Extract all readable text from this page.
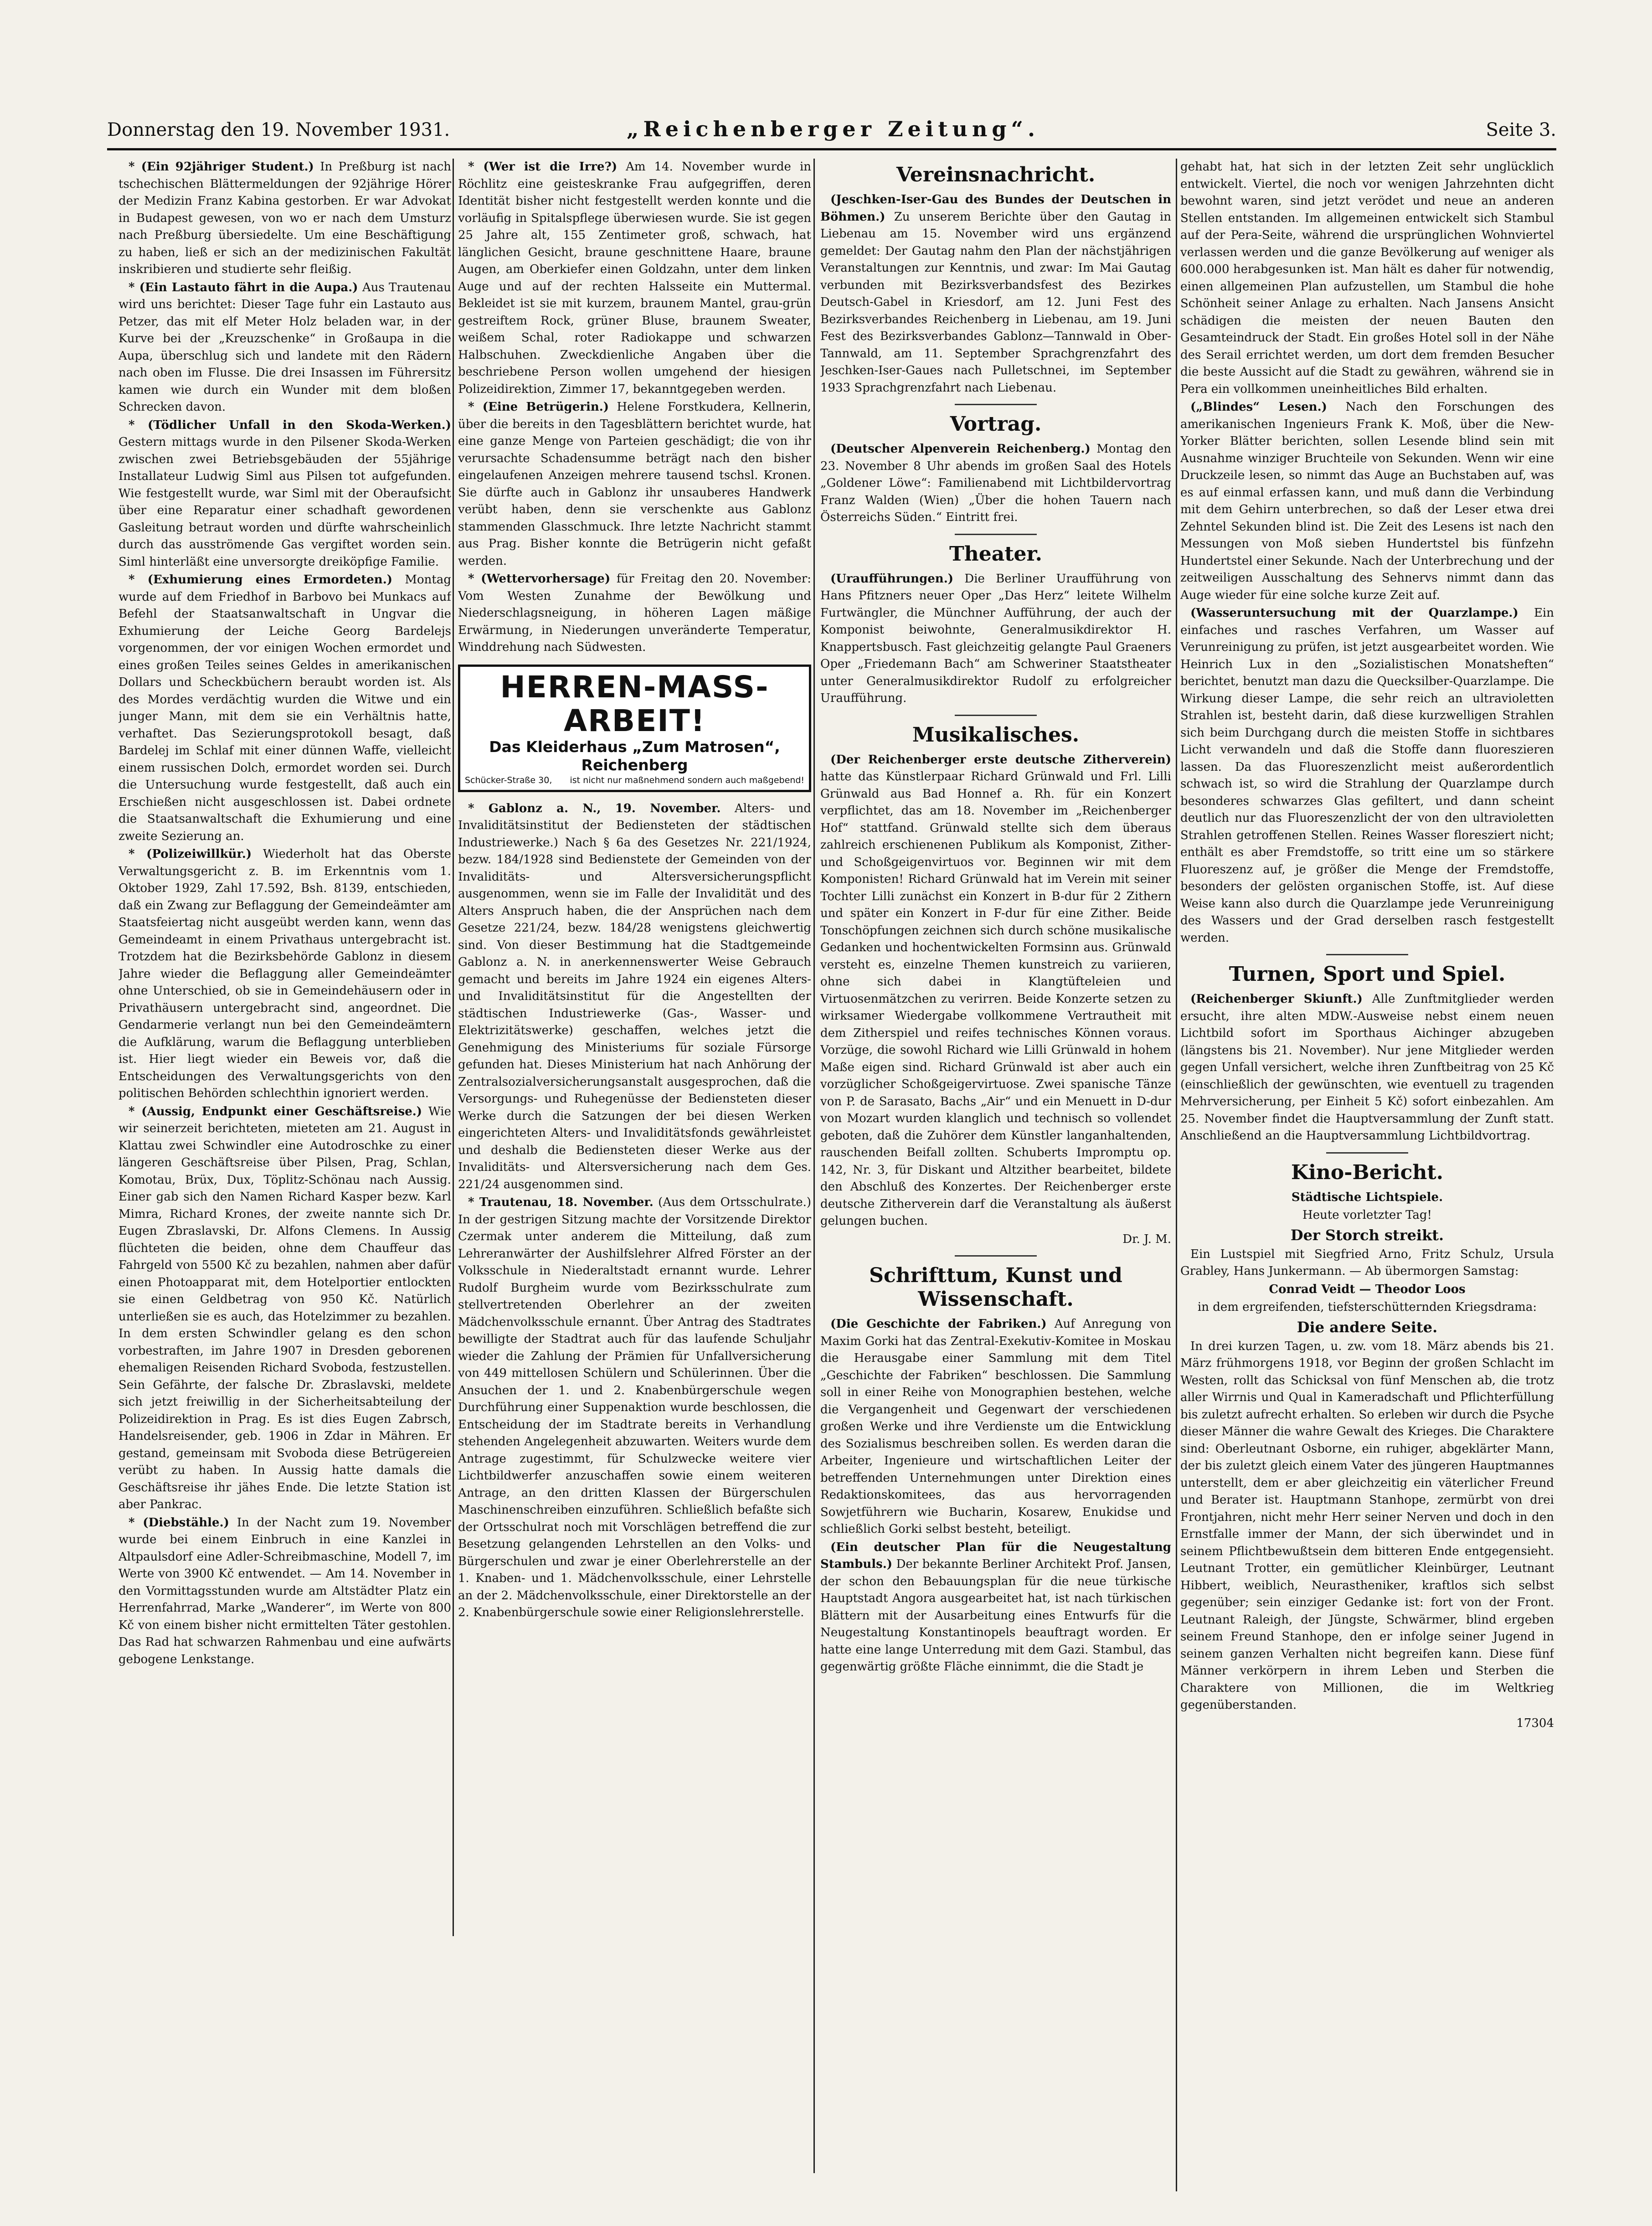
Donnerstag den 19. November 1931.	„Reichenberger Zeitung“.	Seite 3.

* (Ein 92jähriger Student.) In Preßburg ist nach tschechischen Blättermeldungen der 92jährige Hörer der Medizin Franz Kabina gestorben. Er war Advokat in Budapest gewesen, von wo er nach dem Umsturz nach Preßburg übersiedelte. Um eine Beschäftigung zu haben, ließ er sich an der medizinischen Fakultät inskribieren und studierte sehr fleißig.

* (Ein Lastauto fährt in die Aupa.) Aus Trautenau wird uns berichtet: Dieser Tage fuhr ein Lastauto aus Petzer, das mit elf Meter Holz beladen war, in der Kurve bei der „Kreuzschenke“ in Großaupa in die Aupa, überschlug sich und landete mit den Rädern nach oben im Flusse. Die drei Insassen im Führersitz kamen wie durch ein Wunder mit dem bloßen Schrecken davon.

* (Tödlicher Unfall in den Skoda-Werken.) Gestern mittags wurde in den Pilsener Skoda-Werken zwischen zwei Betriebsgebäuden der 55jährige Installateur Ludwig Siml aus Pilsen tot aufgefunden. Wie festgestellt wurde, war Siml mit der Oberaufsicht über eine Reparatur einer schadhaft gewordenen Gasleitung betraut worden und dürfte wahrscheinlich durch das ausströmende Gas vergiftet worden sein. Siml hinterläßt eine unversorgte dreiköpfige Familie.

* (Exhumierung eines Ermordeten.) Montag wurde auf dem Friedhof in Barbovo bei Munkacs auf Befehl der Staatsanwaltschaft in Ungvar die Exhumierung der Leiche Georg Bardelejs vorgenommen, der vor einigen Wochen ermordet und eines großen Teiles seines Geldes in amerikanischen Dollars und Scheckbüchern beraubt worden ist. Als des Mordes verdächtig wurden die Witwe und ein junger Mann, mit dem sie ein Verhältnis hatte, verhaftet. Das Sezierungsprotokoll besagt, daß Bardelej im Schlaf mit einer dünnen Waffe, vielleicht einem russischen Dolch, ermordet worden sei. Durch die Untersuchung wurde festgestellt, daß auch ein Erschießen nicht ausgeschlossen ist. Dabei ordnete die Staatsanwaltschaft die Exhumierung und eine zweite Sezierung an.

* (Polizeiwillkür.) Wiederholt hat das Oberste Verwaltungsgericht z. B. im Erkenntnis vom 1. Oktober 1929, Zahl 17.592, Bsh. 8139, entschieden, daß ein Zwang zur Beflaggung der Gemeindeämter am Staatsfeiertag nicht ausgeübt werden kann, wenn das Gemeindeamt in einem Privathaus untergebracht ist. Trotzdem hat die Bezirksbehörde Gablonz in diesem Jahre wieder die Beflaggung aller Gemeindeämter ohne Unterschied, ob sie in Gemeindehäusern oder in Privathäusern untergebracht sind, angeordnet. Die Gendarmerie verlangt nun bei den Gemeindeämtern die Aufklärung, warum die Beflaggung unterblieben ist. Hier liegt wieder ein Beweis vor, daß die Entscheidungen des Verwaltungsgerichts von den politischen Behörden schlechthin ignoriert werden.

* (Aussig, Endpunkt einer Geschäftsreise.) Wie wir seinerzeit berichteten, mieteten am 21. August in Klattau zwei Schwindler eine Autodroschke zu einer längeren Geschäftsreise über Pilsen, Prag, Schlan, Komotau, Brüx, Dux, Töplitz-Schönau nach Aussig. Einer gab sich den Namen Richard Kasper bezw. Karl Mimra, Richard Krones, der zweite nannte sich Dr. Eugen Zbraslavski, Dr. Alfons Clemens. In Aussig flüchteten die beiden, ohne dem Chauffeur das Fahrgeld von 5500 Kč zu bezahlen, nahmen aber dafür einen Photoapparat mit, dem Hotelportier entlockten sie einen Geldbetrag von 950 Kč. Natürlich unterließen sie es auch, das Hotelzimmer zu bezahlen. In dem ersten Schwindler gelang es den schon vorbestraften, im Jahre 1907 in Dresden geborenen ehemaligen Reisenden Richard Svoboda, festzustellen. Sein Gefährte, der falsche Dr. Zbraslavski, meldete sich jetzt freiwillig in der Sicherheitsabteilung der Polizeidirektion in Prag. Es ist dies Eugen Zabrsch, Handelsreisender, geb. 1906 in Zdar in Mähren. Er gestand, gemeinsam mit Svoboda diese Betrügereien verübt zu haben. In Aussig hatte damals die Geschäftsreise ihr jähes Ende. Die letzte Station ist aber Pankrac.

* (Diebstähle.) In der Nacht zum 19. November wurde bei einem Einbruch in eine Kanzlei in Altpaulsdorf eine Adler-Schreibmaschine, Modell 7, im Werte von 3900 Kč entwendet. — Am 14. November in den Vormittagsstunden wurde am Altstädter Platz ein Herrenfahrrad, Marke „Wanderer“, im Werte von 800 Kč von einem bisher nicht ermittelten Täter gestohlen. Das Rad hat schwarzen Rahmenbau und eine aufwärts gebogene Lenkstange.

* (Wer ist die Irre?) Am 14. November wurde in Röchlitz eine geisteskranke Frau aufgegriffen, deren Identität bisher nicht festgestellt werden konnte und die vorläufig in Spitalspflege überwiesen wurde. Sie ist gegen 25 Jahre alt, 155 Zentimeter groß, schwach, hat länglichen Gesicht, braune geschnittene Haare, braune Augen, am Oberkiefer einen Goldzahn, unter dem linken Auge und auf der rechten Halsseite ein Muttermal. Bekleidet ist sie mit kurzem, braunem Mantel, grau-grün gestreiftem Rock, grüner Bluse, braunem Sweater, weißem Schal, roter Radiokappe und schwarzen Halbschuhen. Zweckdienliche Angaben über die beschriebene Person wollen umgehend der hiesigen Polizeidirektion, Zimmer 17, bekanntgegeben werden.

* (Eine Betrügerin.) Helene Forstkudera, Kellnerin, über die bereits in den Tagesblättern berichtet wurde, hat eine ganze Menge von Parteien geschädigt; die von ihr verursachte Schadensumme beträgt nach den bisher eingelaufenen Anzeigen mehrere tausend tschsl. Kronen. Sie dürfte auch in Gablonz ihr unsauberes Handwerk verübt haben, denn sie verschenkte aus Gablonz stammenden Glasschmuck. Ihre letzte Nachricht stammt aus Prag. Bisher konnte die Betrügerin nicht gefaßt werden.

* (Wettervorhersage) für Freitag den 20. November: Vom Westen Zunahme der Bewölkung und Niederschlagsneigung, in höheren Lagen mäßige Erwärmung, in Niederungen unveränderte Temperatur, Winddrehung nach Südwesten.

HERREN-MASS-ARBEIT!
Das Kleiderhaus „Zum Matrosen“, Reichenberg
Schücker-Straße 30, ist nicht nur maßnehmend sondern auch maßgebend!

* Gablonz a. N., 19. November. Alters- und Invaliditätsinstitut der Bediensteten der städtischen Industriewerke.) Nach § 6a des Gesetzes Nr. 221/1924, bezw. 184/1928 sind Bedienstete der Gemeinden von der Invaliditäts- und Altersversicherungspflicht ausgenommen, wenn sie im Falle der Invalidität und des Alters Anspruch haben, die der Ansprüchen nach dem Gesetze 221/24, bezw. 184/28 wenigstens gleichwertig sind. Von dieser Bestimmung hat die Stadtgemeinde Gablonz a. N. in anerkennenswerter Weise Gebrauch gemacht und bereits im Jahre 1924 ein eigenes Alters- und Invaliditätsinstitut für die Angestellten der städtischen Industriewerke (Gas-, Wasser- und Elektrizitätswerke) geschaffen, welches jetzt die Genehmigung des Ministeriums für soziale Fürsorge gefunden hat. Dieses Ministerium hat nach Anhörung der Zentralsozialversicherungsanstalt ausgesprochen, daß die Versorgungs- und Ruhegenüsse der Bediensteten dieser Werke durch die Satzungen der bei diesen Werken eingerichteten Alters- und Invaliditätsfonds gewährleistet und deshalb die Bediensteten dieser Werke aus der Invaliditäts- und Altersversicherung nach dem Ges. 221/24 ausgenommen sind.

* Trautenau, 18. November. (Aus dem Ortsschulrate.) In der gestrigen Sitzung machte der Vorsitzende Direktor Czermak unter anderem die Mitteilung, daß zum Lehreranwärter der Aushilfslehrer Alfred Förster an der Volksschule in Niederaltstadt ernannt wurde. Lehrer Rudolf Burgheim wurde vom Bezirksschulrate zum stellvertretenden Oberlehrer an der zweiten Mädchenvolksschule ernannt. Über Antrag des Stadtrates bewilligte der Stadtrat auch für das laufende Schuljahr wieder die Zahlung der Prämien für Unfallversicherung von 449 mittellosen Schülern und Schülerinnen. Über die Ansuchen der 1. und 2. Knabenbürgerschule wegen Durchführung einer Suppenaktion wurde beschlossen, die Entscheidung der im Stadtrate bereits in Verhandlung stehenden Angelegenheit abzuwarten. Weiters wurde dem Antrage zugestimmt, für Schulzwecke weitere vier Lichtbildwerfer anzuschaffen sowie einem weiteren Antrage, an den dritten Klassen der Bürgerschulen Maschinenschreiben einzuführen. Schließlich befaßte sich der Ortsschulrat noch mit Vorschlägen betreffend die zur Besetzung gelangenden Lehrstellen an den Volks- und Bürgerschulen und zwar je einer Oberlehrerstelle an der 1. Knaben- und 1. Mädchenvolksschule, einer Lehrstelle an der 2. Mädchenvolksschule, einer Direktorstelle an der 2. Knabenbürgerschule sowie einer Religionslehrerstelle.

Vereinsnachricht.

(Jeschken-Iser-Gau des Bundes der Deutschen in Böhmen.) Zu unserem Berichte über den Gautag in Liebenau am 15. November wird uns ergänzend gemeldet: Der Gautag nahm den Plan der nächstjährigen Veranstaltungen zur Kenntnis, und zwar: Im Mai Gautag verbunden mit Bezirksverbandsfest des Bezirkes Deutsch-Gabel in Kriesdorf, am 12. Juni Fest des Bezirksverbandes Reichenberg in Liebenau, am 19. Juni Fest des Bezirksverbandes Gablonz—Tannwald in Ober-Tannwald, am 11. September Sprachgrenzfahrt des Jeschken-Iser-Gaues nach Pulletschnei, im September 1933 Sprachgrenzfahrt nach Liebenau.

Vortrag.

(Deutscher Alpenverein Reichenberg.) Montag den 23. November 8 Uhr abends im großen Saal des Hotels „Goldener Löwe“: Familienabend mit Lichtbildervortrag Franz Walden (Wien) „Über die hohen Tauern nach Österreichs Süden.“ Eintritt frei.

Theater.

(Uraufführungen.) Die Berliner Uraufführung von Hans Pfitzners neuer Oper „Das Herz“ leitete Wilhelm Furtwängler, die Münchner Aufführung, der auch der Komponist beiwohnte, Generalmusikdirektor H. Knappertsbusch. Fast gleichzeitig gelangte Paul Graeners Oper „Friedemann Bach“ am Schweriner Staatstheater unter Generalmusikdirektor Rudolf zu erfolgreicher Uraufführung.

Musikalisches.

(Der Reichenberger erste deutsche Zitherverein) hatte das Künstlerpaar Richard Grünwald und Frl. Lilli Grünwald aus Bad Honnef a. Rh. für ein Konzert verpflichtet, das am 18. November im „Reichenberger Hof“ stattfand. Grünwald stellte sich dem überaus zahlreich erschienenen Publikum als Komponist, Zither- und Schoßgeigenvirtuos vor. Beginnen wir mit dem Komponisten! Richard Grünwald hat im Verein mit seiner Tochter Lilli zunächst ein Konzert in B-dur für 2 Zithern und später ein Konzert in F-dur für eine Zither. Beide Tonschöpfungen zeichnen sich durch schöne musikalische Gedanken und hochentwickelten Formsinn aus. Grünwald versteht es, einzelne Themen kunstreich zu variieren, ohne sich dabei in Klangtüfteleien und Virtuosenmätzchen zu verirren. Beide Konzerte setzen zu wirksamer Wiedergabe vollkommene Vertrautheit mit dem Zitherspiel und reifes technisches Können voraus. Vorzüge, die sowohl Richard wie Lilli Grünwald in hohem Maße eigen sind. Richard Grünwald ist aber auch ein vorzüglicher Schoßgeigervirtuose. Zwei spanische Tänze von P. de Sarasato, Bachs „Air“ und ein Menuett in D-dur von Mozart wurden klanglich und technisch so vollendet geboten, daß die Zuhörer dem Künstler langanhaltenden, rauschenden Beifall zollten. Schuberts Impromptu op. 142, Nr. 3, für Diskant und Altzither bearbeitet, bildete den Abschluß des Konzertes. Der Reichenberger erste deutsche Zitherverein darf die Veranstaltung als äußerst gelungen buchen.

Dr. J. M.

Schrifttum, Kunst und Wissenschaft.

(Die Geschichte der Fabriken.) Auf Anregung von Maxim Gorki hat das Zentral-Exekutiv-Komitee in Moskau die Herausgabe einer Sammlung mit dem Titel „Geschichte der Fabriken“ beschlossen. Die Sammlung soll in einer Reihe von Monographien bestehen, welche die Vergangenheit und Gegenwart der verschiedenen großen Werke und ihre Verdienste um die Entwicklung des Sozialismus beschreiben sollen. Es werden daran die Arbeiter, Ingenieure und wirtschaftlichen Leiter der betreffenden Unternehmungen unter Direktion eines Redaktionskomitees, das aus hervorragenden Sowjetführern wie Bucharin, Kosarew, Enukidse und schließlich Gorki selbst besteht, beteiligt.

(Ein deutscher Plan für die Neugestaltung Stambuls.) Der bekannte Berliner Architekt Prof. Jansen, der schon den Bebauungsplan für die neue türkische Hauptstadt Angora ausgearbeitet hat, ist nach türkischen Blättern mit der Ausarbeitung eines Entwurfs für die Neugestaltung Konstantinopels beauftragt worden. Er hatte eine lange Unterredung mit dem Gazi. Stambul, das gegenwärtig größte Fläche einnimmt, die die Stadt je

gehabt hat, hat sich in der letzten Zeit sehr unglücklich entwickelt. Viertel, die noch vor wenigen Jahrzehnten dicht bewohnt waren, sind jetzt verödet und neue an anderen Stellen entstanden. Im allgemeinen entwickelt sich Stambul auf der Pera-Seite, während die ursprünglichen Wohnviertel verlassen werden und die ganze Bevölkerung auf weniger als 600.000 herabgesunken ist. Man hält es daher für notwendig, einen allgemeinen Plan aufzustellen, um Stambul die hohe Schönheit seiner Anlage zu erhalten. Nach Jansens Ansicht schädigen die meisten der neuen Bauten den Gesamteindruck der Stadt. Ein großes Hotel soll in der Nähe des Serail errichtet werden, um dort dem fremden Besucher die beste Aussicht auf die Stadt zu gewähren, während sie in Pera ein vollkommen uneinheitliches Bild erhalten.

(„Blindes“ Lesen.) Nach den Forschungen des amerikanischen Ingenieurs Frank K. Moß, über die New-Yorker Blätter berichten, sollen Lesende blind sein mit Ausnahme winziger Bruchteile von Sekunden. Wenn wir eine Druckzeile lesen, so nimmt das Auge an Buchstaben auf, was es auf einmal erfassen kann, und muß dann die Verbindung mit dem Gehirn unterbrechen, so daß der Leser etwa drei Zehntel Sekunden blind ist. Die Zeit des Lesens ist nach den Messungen von Moß sieben Hundertstel bis fünfzehn Hundertstel einer Sekunde. Nach der Unterbrechung und der zeitweiligen Ausschaltung des Sehnervs nimmt dann das Auge wieder für eine solche kurze Zeit auf.

(Wasseruntersuchung mit der Quarzlampe.) Ein einfaches und rasches Verfahren, um Wasser auf Verunreinigung zu prüfen, ist jetzt ausgearbeitet worden. Wie Heinrich Lux in den „Sozialistischen Monatsheften“ berichtet, benutzt man dazu die Quecksilber-Quarzlampe. Die Wirkung dieser Lampe, die sehr reich an ultravioletten Strahlen ist, besteht darin, daß diese kurzwelligen Strahlen sich beim Durchgang durch die meisten Stoffe in sichtbares Licht verwandeln und daß die Stoffe dann fluoreszieren lassen. Da das Fluoreszenzlicht meist außerordentlich schwach ist, so wird die Strahlung der Quarzlampe durch besonderes schwarzes Glas gefiltert, und dann scheint deutlich nur das Fluoreszenzlicht der von den ultravioletten Strahlen getroffenen Stellen. Reines Wasser floresziert nicht; enthält es aber Fremdstoffe, so tritt eine um so stärkere Fluoreszenz auf, je größer die Menge der Fremdstoffe, besonders der gelösten organischen Stoffe, ist. Auf diese Weise kann also durch die Quarzlampe jede Verunreinigung des Wassers und der Grad derselben rasch festgestellt werden.

Turnen, Sport und Spiel.

(Reichenberger Skiunft.) Alle Zunftmitglieder werden ersucht, ihre alten MDW.-Ausweise nebst einem neuen Lichtbild sofort im Sporthaus Aichinger abzugeben (längstens bis 21. November). Nur jene Mitglieder werden gegen Unfall versichert, welche ihren Zunftbeitrag von 25 Kč (einschließlich der gewünschten, wie eventuell zu tragenden Mehrversicherung, per Einheit 5 Kč) sofort einbezahlen. Am 25. November findet die Hauptversammlung der Zunft statt. Anschließend an die Hauptversammlung Lichtbildvortrag.

Kino-Bericht.

Städtische Lichtspiele.

Heute vorletzter Tag!

Der Storch streikt.

Ein Lustspiel mit Siegfried Arno, Fritz Schulz, Ursula Grabley, Hans Junkermann. — Ab übermorgen Samstag:

Conrad Veidt — Theodor Loos

in dem ergreifenden, tiefsterschütternden Kriegsdrama:

Die andere Seite.

In drei kurzen Tagen, u. zw. vom 18. März abends bis 21. März frühmorgens 1918, vor Beginn der großen Schlacht im Westen, rollt das Schicksal von fünf Menschen ab, die trotz aller Wirrnis und Qual in Kameradschaft und Pflichterfüllung bis zuletzt aufrecht erhalten. So erleben wir durch die Psyche dieser Männer die wahre Gewalt des Krieges. Die Charaktere sind: Oberleutnant Osborne, ein ruhiger, abgeklärter Mann, der bis zuletzt gleich einem Vater des jüngeren Hauptmannes unterstellt, dem er aber gleichzeitig ein väterlicher Freund und Berater ist. Hauptmann Stanhope, zermürbt von drei Frontjahren, nicht mehr Herr seiner Nerven und doch in den Ernstfalle immer der Mann, der sich überwindet und in seinem Pflichtbewußtsein dem bitteren Ende entgegensieht. Leutnant Trotter, ein gemütlicher Kleinbürger, Leutnant Hibbert, weiblich, Neurastheniker, kraftlos sich selbst gegenüber; sein einziger Gedanke ist: fort von der Front. Leutnant Raleigh, der Jüngste, Schwärmer, blind ergeben seinem Freund Stanhope, den er infolge seiner Jugend in seinem ganzen Verhalten nicht begreifen kann. Diese fünf Männer verkörpern in ihrem Leben und Sterben die Charaktere von Millionen, die im Weltkrieg gegenüberstanden.

17304
